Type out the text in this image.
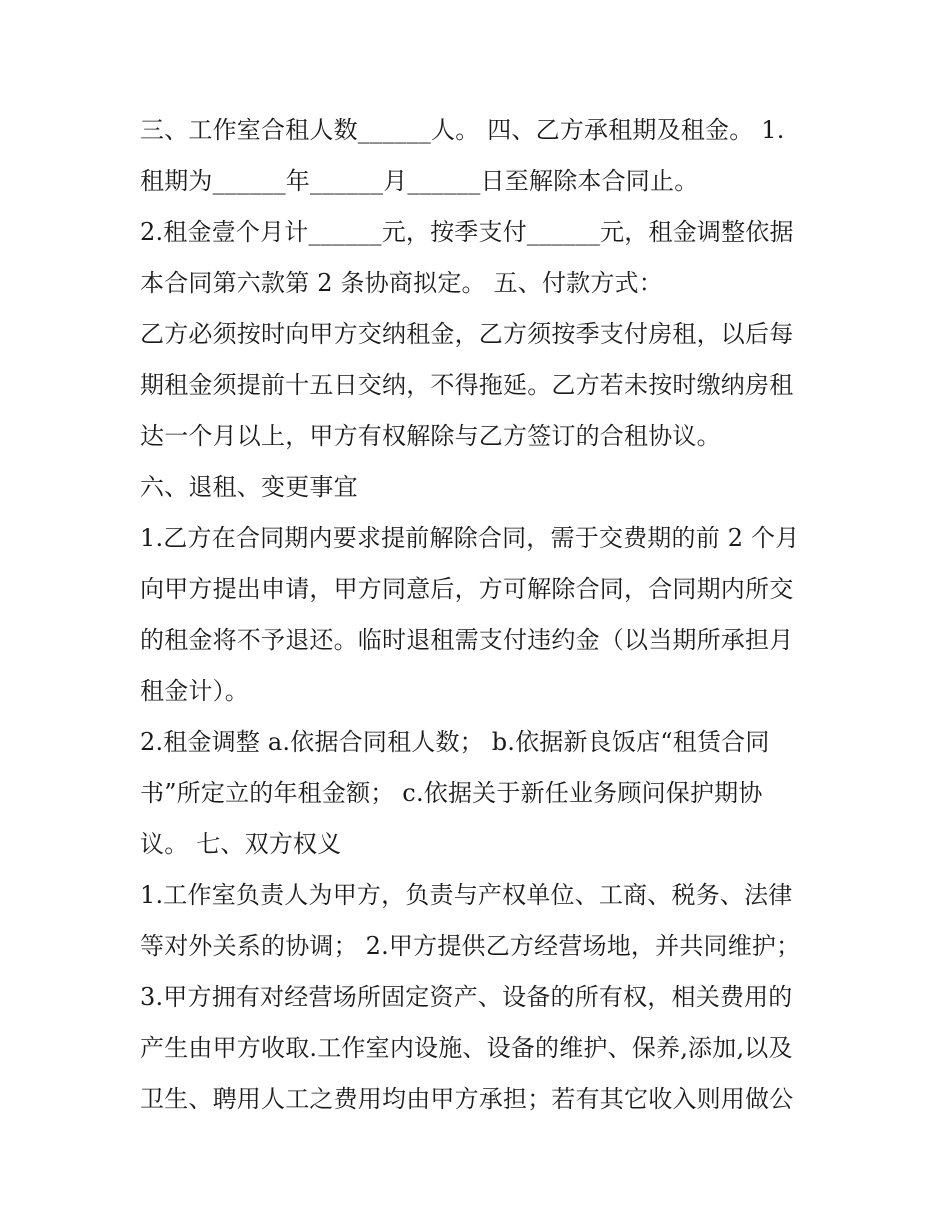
三、工作室合租人数______人。 四、乙方承租期及租金。 1.
租期为______年______月______日至解除本合同止。
2.租金壹个月计______元，按季支付______元，租金调整依据
本合同第六款第 2 条协商拟定。 五、付款方式：
乙方必须按时向甲方交纳租金，乙方须按季支付房租，以后每
期租金须提前十五日交纳，不得拖延。乙方若未按时缴纳房租
达一个月以上，甲方有权解除与乙方签订的合租协议。
六、退租、变更事宜
1.乙方在合同期内要求提前解除合同，需于交费期的前 2 个月
向甲方提出申请，甲方同意后，方可解除合同，合同期内所交
的租金将不予退还。临时退租需支付违约金（以当期所承担月
租金计）。
2.租金调整 a.依据合同租人数； b.依据新良饭店“租赁合同
书”所定立的年租金额； c.依据关于新任业务顾问保护期协
议。 七、双方权义
1.工作室负责人为甲方，负责与产权单位、工商、税务、法律
等对外关系的协调； 2.甲方提供乙方经营场地，并共同维护；
3.甲方拥有对经营场所固定资产、设备的所有权，相关费用的
产生由甲方收取.工作室内设施、设备的维护、保养,添加,以及
卫生、聘用人工之费用均由甲方承担；若有其它收入则用做公
